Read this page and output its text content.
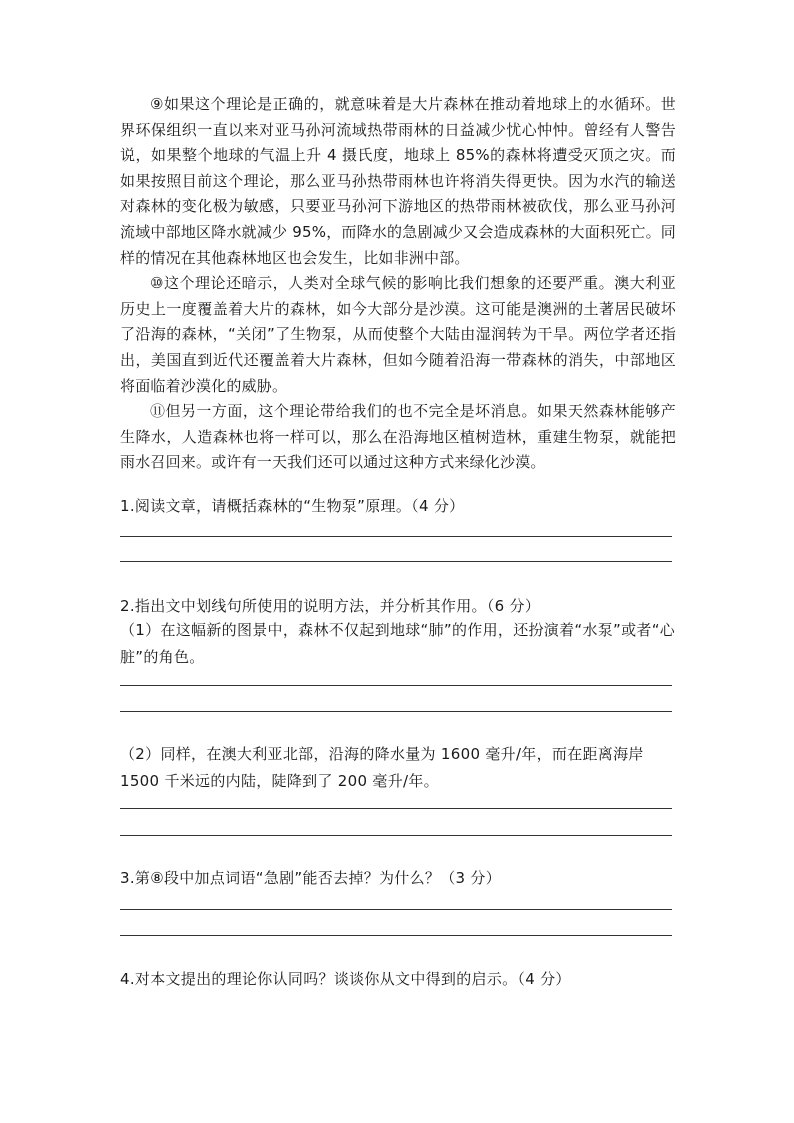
⑨如果这个理论是正确的，就意味着是大片森林在推动着地球上的水循环。世界环保组织一直以来对亚马孙河流域热带雨林的日益减少忧心忡忡。曾经有人警告说，如果整个地球的气温上升 4 摄氏度，地球上 85%的森林将遭受灭顶之灾。而如果按照目前这个理论，那么亚马孙热带雨林也许将消失得更快。因为水汽的输送对森林的变化极为敏感，只要亚马孙河下游地区的热带雨林被砍伐，那么亚马孙河流域中部地区降水就减少 95%，而降水的急剧减少又会造成森林的大面积死亡。同样的情况在其他森林地区也会发生，比如非洲中部。

⑩这个理论还暗示，人类对全球气候的影响比我们想象的还要严重。澳大利亚历史上一度覆盖着大片的森林，如今大部分是沙漠。这可能是澳洲的土著居民破坏了沿海的森林，“关闭”了生物泵，从而使整个大陆由湿润转为干旱。两位学者还指出，美国直到近代还覆盖着大片森林，但如今随着沿海一带森林的消失，中部地区将面临着沙漠化的威胁。

⑪但另一方面，这个理论带给我们的也不完全是坏消息。如果天然森林能够产生降水，人造森林也将一样可以，那么在沿海地区植树造林，重建生物泵，就能把雨水召回来。或许有一天我们还可以通过这种方式来绿化沙漠。

1.阅读文章，请概括森林的“生物泵”原理。（4 分）

2.指出文中划线句所使用的说明方法，并分析其作用。（6 分）

（1）在这幅新的图景中，森林不仅起到地球“肺”的作用，还扮演着“水泵”或者“心脏”的角色。

（2）同样，在澳大利亚北部，沿海的降水量为 1600 毫升/年，而在距离海岸 1500 千米远的内陆，陡降到了 200 毫升/年。

3.第⑧段中加点词语“急剧”能否去掉？为什么？（3 分）

4.对本文提出的理论你认同吗？谈谈你从文中得到的启示。（4 分）
